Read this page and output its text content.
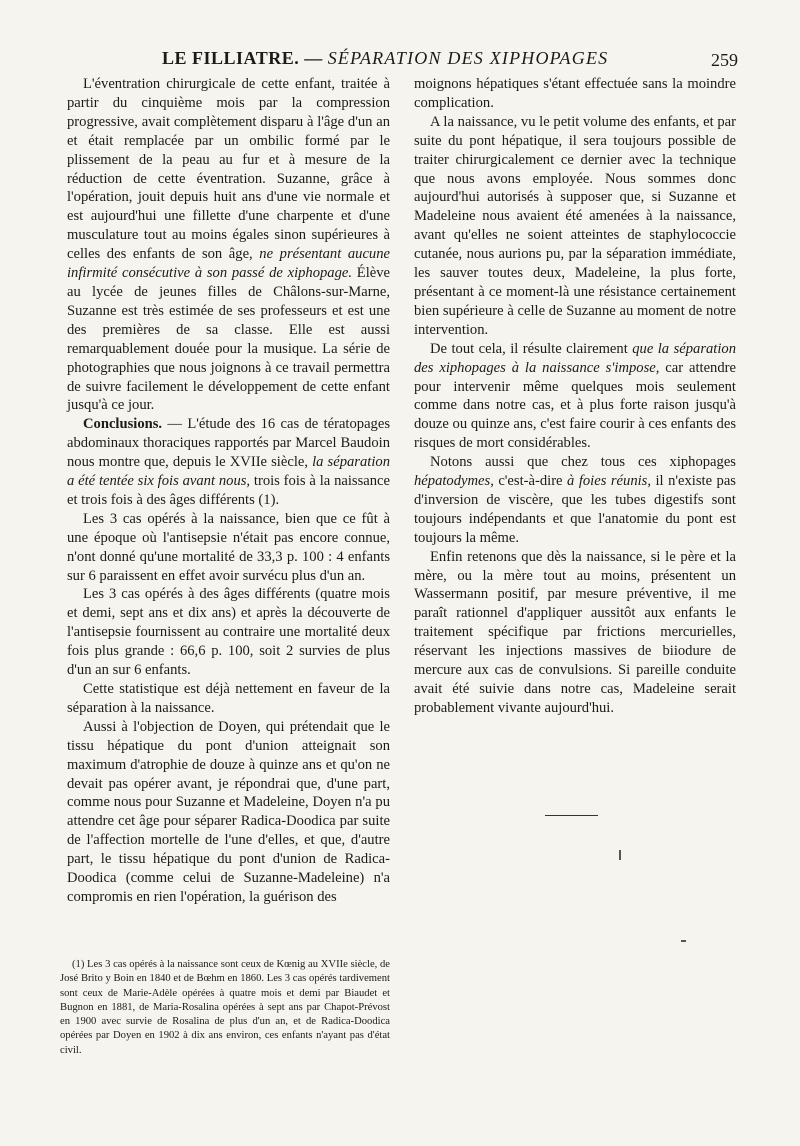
LE FILLIATRE. — SÉPARATION DES XIPHOPAGES	259

L'éventration chirurgicale de cette enfant, traitée à partir du cinquième mois par la compression progressive, avait complètement disparu à l'âge d'un an et était remplacée par un ombilic formé par le plissement de la peau au fur et à mesure de la réduction de cette éventration. Suzanne, grâce à l'opération, jouit depuis huit ans d'une vie normale et est aujourd'hui une fillette d'une charpente et d'une musculature tout au moins égales sinon supérieures à celles des enfants de son âge, ne présentant aucune infirmité consécutive à son passé de xiphopage. Élève au lycée de jeunes filles de Châlons-sur-Marne, Suzanne est très estimée de ses professeurs et est une des premières de sa classe. Elle est aussi remarquablement douée pour la musique. La série de photographies que nous joignons à ce travail permettra de suivre facilement le développement de cette enfant jusqu'à ce jour.

Conclusions. — L'étude des 16 cas de tératopages abdominaux thoraciques rapportés par Marcel Baudoin nous montre que, depuis le XVIIe siècle, la séparation a été tentée six fois avant nous, trois fois à la naissance et trois fois à des âges différents (1).

Les 3 cas opérés à la naissance, bien que ce fût à une époque où l'antisepsie n'était pas encore connue, n'ont donné qu'une mortalité de 33,3 p. 100 : 4 enfants sur 6 paraissent en effet avoir survécu plus d'un an.

Les 3 cas opérés à des âges différents (quatre mois et demi, sept ans et dix ans) et après la découverte de l'antisepsie fournissent au contraire une mortalité deux fois plus grande : 66,6 p. 100, soit 2 survies de plus d'un an sur 6 enfants.

Cette statistique est déjà nettement en faveur de la séparation à la naissance.

Aussi à l'objection de Doyen, qui prétendait que le tissu hépatique du pont d'union atteignait son maximum d'atrophie de douze à quinze ans et qu'on ne devait pas opérer avant, je répondrai que, d'une part, comme nous pour Suzanne et Madeleine, Doyen n'a pu attendre cet âge pour séparer Radica-Doodica par suite de l'affection mortelle de l'une d'elles, et que, d'autre part, le tissu hépatique du pont d'union de Radica-Doodica (comme celui de Suzanne-Madeleine) n'a compromis en rien l'opération, la guérison des

moignons hépatiques s'étant effectuée sans la moindre complication.

A la naissance, vu le petit volume des enfants, et par suite du pont hépatique, il sera toujours possible de traiter chirurgicalement ce dernier avec la technique que nous avons employée. Nous sommes donc aujourd'hui autorisés à supposer que, si Suzanne et Madeleine nous avaient été amenées à la naissance, avant qu'elles ne soient atteintes de staphylococcie cutanée, nous aurions pu, par la séparation immédiate, les sauver toutes deux, Madeleine, la plus forte, présentant à ce moment-là une résistance certainement bien supérieure à celle de Suzanne au moment de notre intervention.

De tout cela, il résulte clairement que la séparation des xiphopages à la naissance s'impose, car attendre pour intervenir même quelques mois seulement comme dans notre cas, et à plus forte raison jusqu'à douze ou quinze ans, c'est faire courir à ces enfants des risques de mort considérables.

Notons aussi que chez tous ces xiphopages hépatodymes, c'est-à-dire à foies réunis, il n'existe pas d'inversion de viscère, que les tubes digestifs sont toujours indépendants et que l'anatomie du pont est toujours la même.

Enfin retenons que dès la naissance, si le père et la mère, ou la mère tout au moins, présentent un Wassermann positif, par mesure préventive, il me paraît rationnel d'appliquer aussitôt aux enfants le traitement spécifique par frictions mercurielles, réservant les injections massives de biiodure de mercure aux cas de convulsions. Si pareille conduite avait été suivie dans notre cas, Madeleine serait probablement vivante aujourd'hui.

(1) Les 3 cas opérés à la naissance sont ceux de Kœnig au XVIIe siècle, de José Brito y Boin en 1840 et de Bœhm en 1860. Les 3 cas opérés tardivement sont ceux de Marie-Adèle opérées à quatre mois et demi par Biaudet et Bugnon en 1881, de Maria-Rosalina opérées à sept ans par Chapot-Prévost en 1900 avec survie de Rosalina de plus d'un an, et de Radica-Doodica opérées par Doyen en 1902 à dix ans environ, ces enfants n'ayant pas d'état civil.
